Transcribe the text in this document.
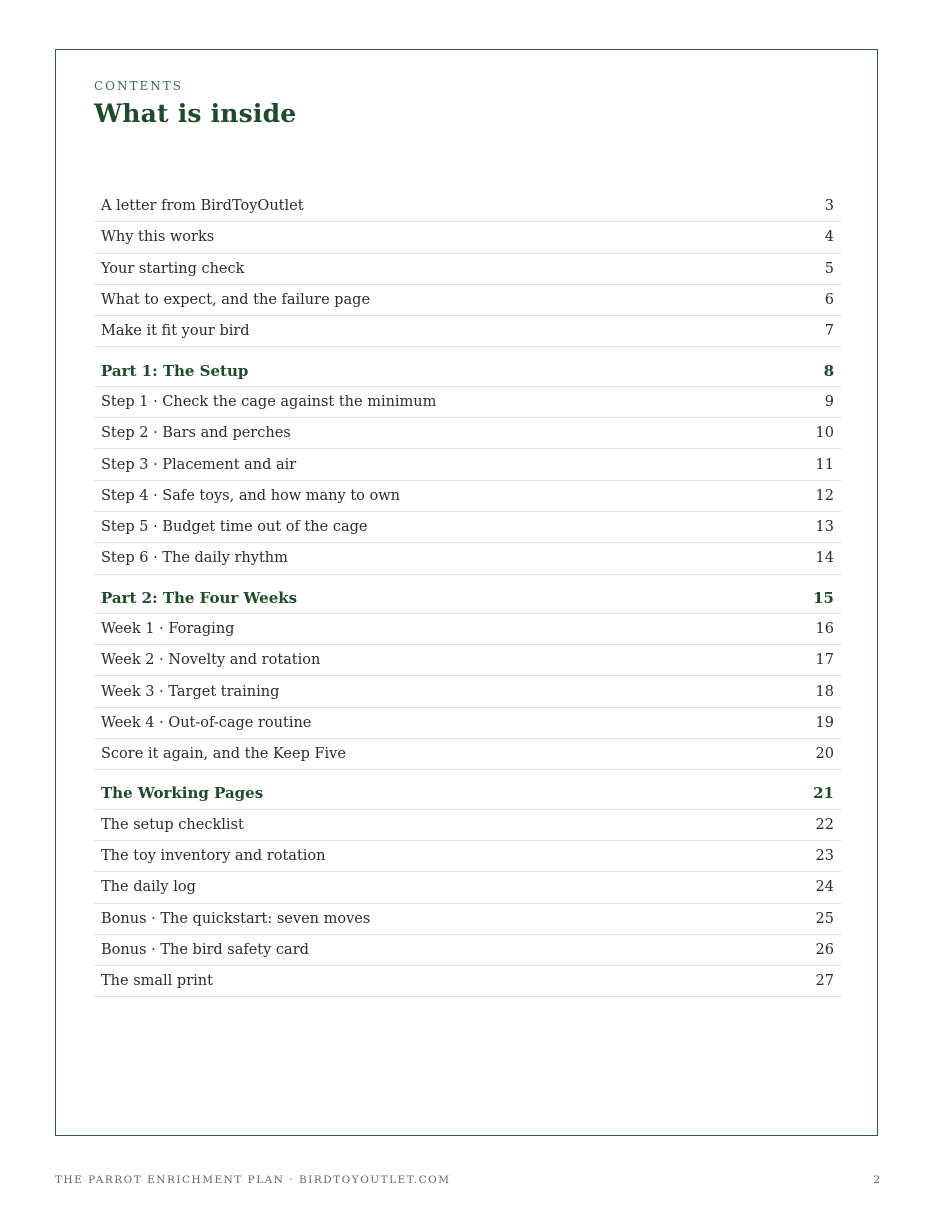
CONTENTS
What is inside
A letter from BirdToyOutlet	3
Why this works	4
Your starting check	5
What to expect, and the failure page	6
Make it fit your bird	7
Part 1: The Setup	8
Step 1 · Check the cage against the minimum	9
Step 2 · Bars and perches	10
Step 3 · Placement and air	11
Step 4 · Safe toys, and how many to own	12
Step 5 · Budget time out of the cage	13
Step 6 · The daily rhythm	14
Part 2: The Four Weeks	15
Week 1 · Foraging	16
Week 2 · Novelty and rotation	17
Week 3 · Target training	18
Week 4 · Out-of-cage routine	19
Score it again, and the Keep Five	20
The Working Pages	21
The setup checklist	22
The toy inventory and rotation	23
The daily log	24
Bonus · The quickstart: seven moves	25
Bonus · The bird safety card	26
The small print	27
THE PARROT ENRICHMENT PLAN · BIRDTOYOUTLET.COM	2
